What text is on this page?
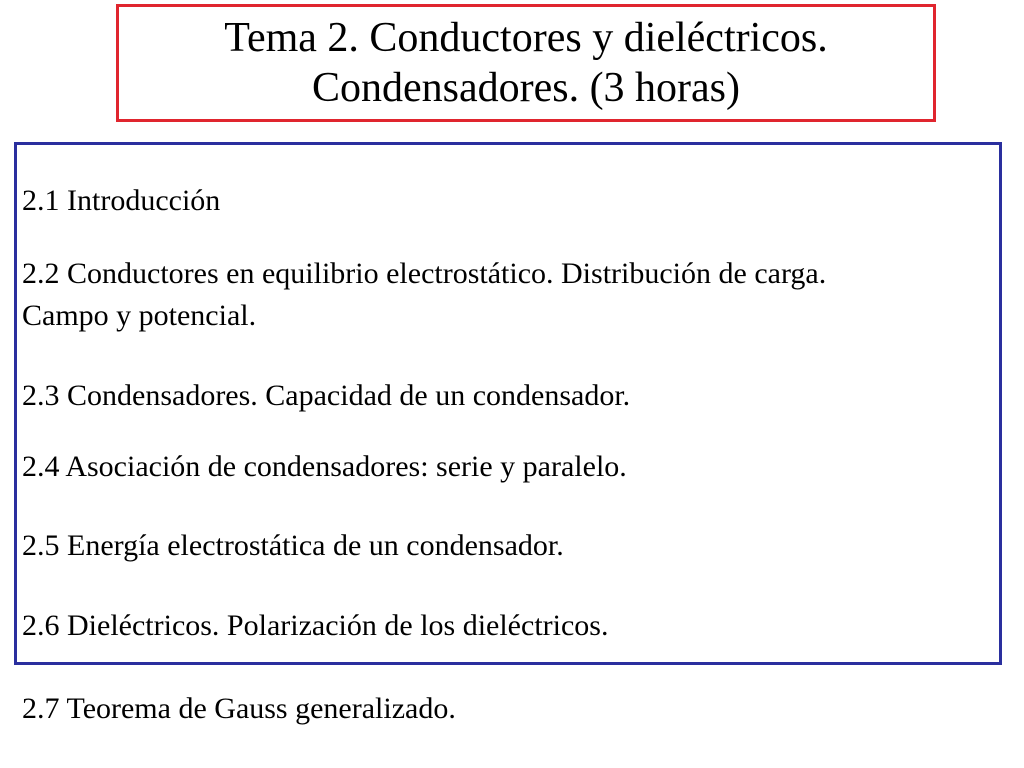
Tema 2. Conductores y dieléctricos.
Condensadores. (3 horas)
2.1 Introducción
2.2 Conductores en equilibrio electrostático. Distribución de carga.
Campo y potencial.
2.3 Condensadores. Capacidad de un condensador.
2.4 Asociación de condensadores: serie y paralelo.
2.5 Energía electrostática de un condensador.
2.6 Dieléctricos. Polarización de los dieléctricos.
2.7 Teorema de Gauss generalizado.
